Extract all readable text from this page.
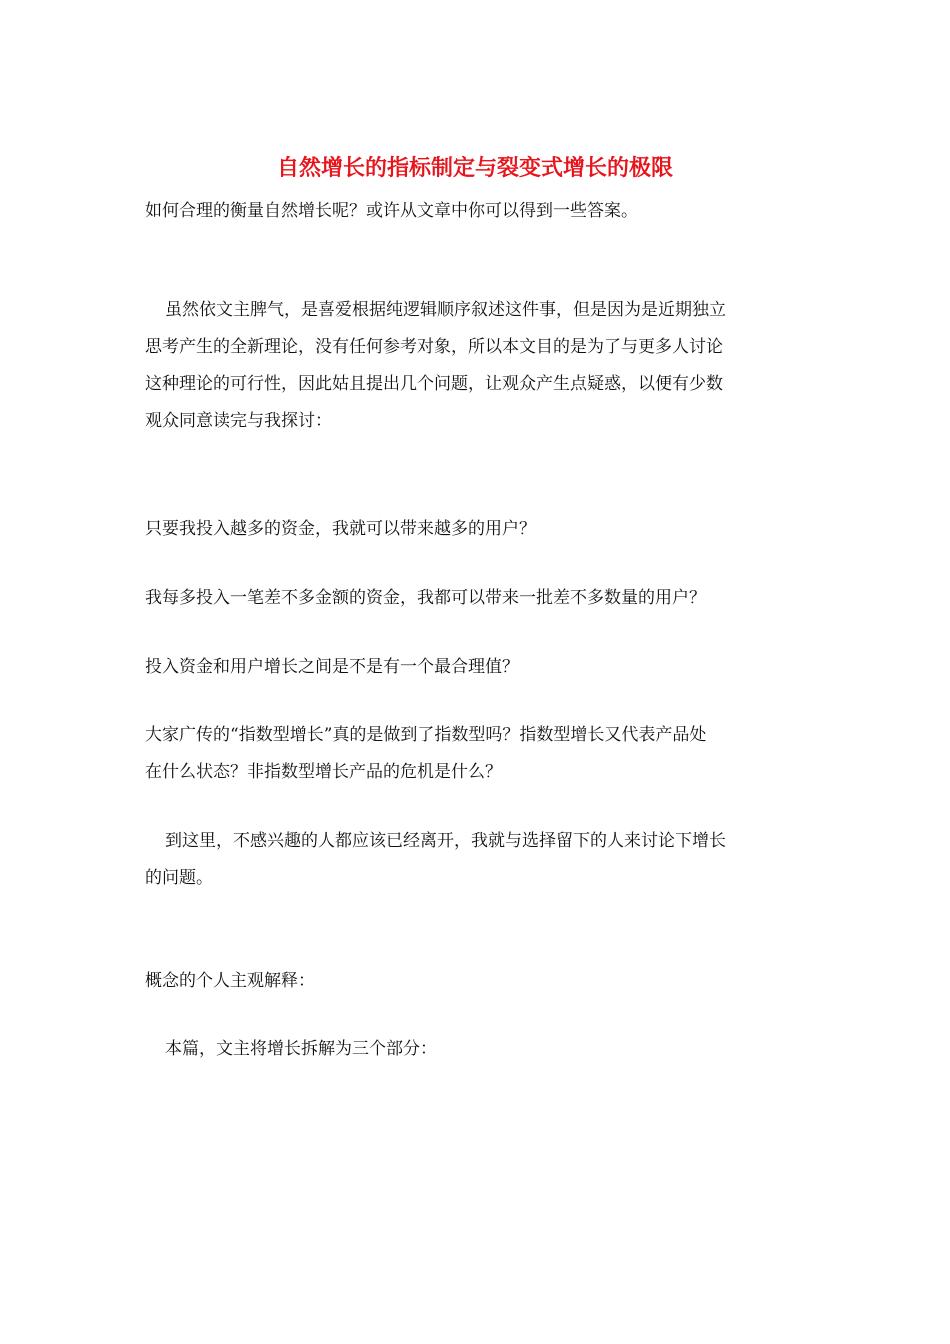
自然增长的指标制定与裂变式增长的极限
如何合理的衡量自然增长呢？或许从文章中你可以得到一些答案。
虽然依文主脾气，是喜爱根据纯逻辑顺序叙述这件事，但是因为是近期独立
思考产生的全新理论，没有任何参考对象，所以本文目的是为了与更多人讨论
这种理论的可行性，因此姑且提出几个问题，让观众产生点疑惑，以便有少数
观众同意读完与我探讨：
只要我投入越多的资金，我就可以带来越多的用户？
我每多投入一笔差不多金额的资金，我都可以带来一批差不多数量的用户？
投入资金和用户增长之间是不是有一个最合理值？
大家广传的“指数型增长”真的是做到了指数型吗？指数型增长又代表产品处
在什么状态？非指数型增长产品的危机是什么？
到这里，不感兴趣的人都应该已经离开，我就与选择留下的人来讨论下增长
的问题。
概念的个人主观解释：
本篇，文主将增长拆解为三个部分：
